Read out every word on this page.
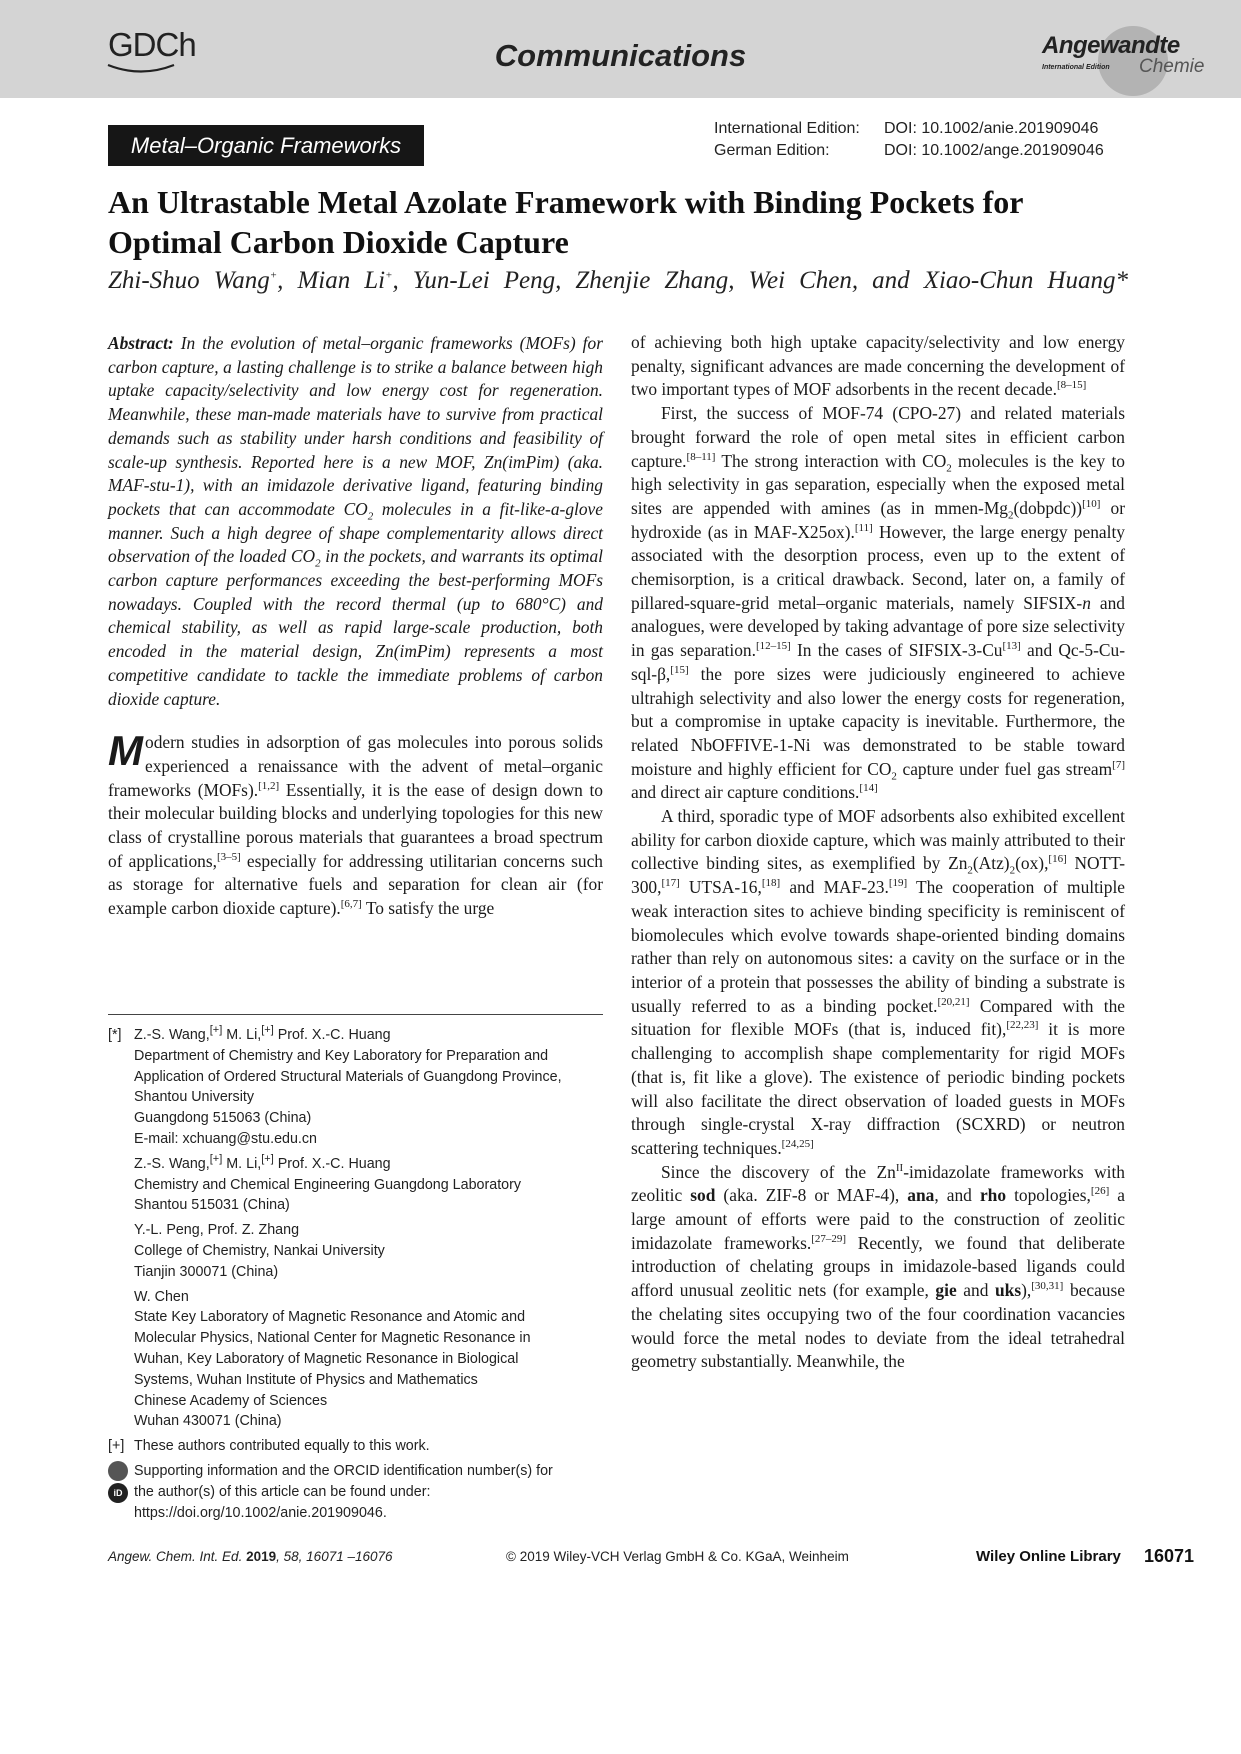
GDCh	Communications	Angewandte
International Edition Chemie
Metal–Organic Frameworks
International Edition:	DOI: 10.1002/anie.201909046
German Edition:	DOI: 10.1002/ange.201909046
An Ultrastable Metal Azolate Framework with Binding Pockets for Optimal Carbon Dioxide Capture
Zhi-Shuo Wang+, Mian Li+, Yun-Lei Peng, Zhenjie Zhang, Wei Chen, and Xiao-Chun Huang*

Abstract: In the evolution of metal–organic frameworks (MOFs) for carbon capture, a lasting challenge is to strike a balance between high uptake capacity/selectivity and low energy cost for regeneration. Meanwhile, these man-made materials have to survive from practical demands such as stability under harsh conditions and feasibility of scale-up synthesis. Reported here is a new MOF, Zn(imPim) (aka. MAF-stu-1), with an imidazole derivative ligand, featuring binding pockets that can accommodate $CO_2$ molecules in a fit-like-a-glove manner. Such a high degree of shape complementarity allows direct observation of the loaded $CO_2$ in the pockets, and warrants its optimal carbon capture performances exceeding the best-performing MOFs nowadays. Coupled with the record thermal (up to 680°C) and chemical stability, as well as rapid large-scale production, both encoded in the material design, Zn(imPim) represents a most competitive candidate to tackle the immediate problems of carbon dioxide capture.

Modern studies in adsorption of gas molecules into porous solids experienced a renaissance with the advent of metal–organic frameworks (MOFs).[1,2] Essentially, it is the ease of design down to their molecular building blocks and underlying topologies for this new class of crystalline porous materials that guarantees a broad spectrum of applications,[3–5] especially for addressing utilitarian concerns such as storage for alternative fuels and separation for clean air (for example carbon dioxide capture).[6,7] To satisfy the urge

[*] Z.-S. Wang,[+] M. Li,[+] Prof. X.-C. Huang
Department of Chemistry and Key Laboratory for Preparation and
Application of Ordered Structural Materials of Guangdong Province,
Shantou University
Guangdong 515063 (China)
E-mail: xchuang@stu.edu.cn
Z.-S. Wang,[+] M. Li,[+] Prof. X.-C. Huang
Chemistry and Chemical Engineering Guangdong Laboratory
Shantou 515031 (China)
Y.-L. Peng, Prof. Z. Zhang
College of Chemistry, Nankai University
Tianjin 300071 (China)
W. Chen
State Key Laboratory of Magnetic Resonance and Atomic and
Molecular Physics, National Center for Magnetic Resonance in
Wuhan, Key Laboratory of Magnetic Resonance in Biological
Systems, Wuhan Institute of Physics and Mathematics
Chinese Academy of Sciences
Wuhan 430071 (China)
[+] These authors contributed equally to this work.
iD
Supporting information and the ORCID identification number(s) for
the author(s) of this article can be found under:
https://doi.org/10.1002/anie.201909046.

of achieving both high uptake capacity/selectivity and low energy penalty, significant advances are made concerning the development of two important types of MOF adsorbents in the recent decade.[8–15]

First, the success of MOF-74 (CPO-27) and related materials brought forward the role of open metal sites in efficient carbon capture.[8–11] The strong interaction with $CO_2$ molecules is the key to high selectivity in gas separation, especially when the exposed metal sites are appended with amines (as in mmen-$Mg_2(dobpdc))[10]$ or hydroxide (as in MAF-X25ox).[11] However, the large energy penalty associated with the desorption process, even up to the extent of chemisorption, is a critical drawback. Second, later on, a family of pillared-square-grid metal–organic materials, namely SIFSIX-n and analogues, were developed by taking advantage of pore size selectivity in gas separation.[12–15] In the cases of SIFSIX-3-Cu[13] and Qc-5-Cu-sql-β,[15] the pore sizes were judiciously engineered to achieve ultrahigh selectivity and also lower the energy costs for regeneration, but a compromise in uptake capacity is inevitable. Furthermore, the related NbOFFIVE-1-Ni was demonstrated to be stable toward moisture and highly efficient for $CO_2$ capture under fuel gas stream[7] and direct air capture conditions.[14]

A third, sporadic type of MOF adsorbents also exhibited excellent ability for carbon dioxide capture, which was mainly attributed to their collective binding sites, as exemplified by $Zn_2(Atz)_2(ox),[16]$ NOTT-300,[17] UTSA-16,[18] and MAF-23.[19] The cooperation of multiple weak interaction sites to achieve binding specificity is reminiscent of biomolecules which evolve towards shape-oriented binding domains rather than rely on autonomous sites: a cavity on the surface or in the interior of a protein that possesses the ability of binding a substrate is usually referred to as a binding pocket.[20,21] Compared with the situation for flexible MOFs (that is, induced fit),[22,23] it is more challenging to accomplish shape complementarity for rigid MOFs (that is, fit like a glove). The existence of periodic binding pockets will also facilitate the direct observation of loaded guests in MOFs through single-crystal X-ray diffraction (SCXRD) or neutron scattering techniques.[24,25]

Since the discovery of the $Zn^{II}$-imidazolate frameworks with zeolitic sod (aka. ZIF-8 or MAF-4), ana, and rho topologies,[26] a large amount of efforts were paid to the construction of zeolitic imidazolate frameworks.[27–29] Recently, we found that deliberate introduction of chelating groups in imidazole-based ligands could afford unusual zeolitic nets (for example, gie and uks),[30,31] because the chelating sites occupying two of the four coordination vacancies would force the metal nodes to deviate from the ideal tetrahedral geometry substantially. Meanwhile, the

Angew. Chem. Int. Ed. 2019, 58, 16071 –16076	© 2019 Wiley-VCH Verlag GmbH & Co. KGaA, Weinheim	Wiley Online Library 16071
